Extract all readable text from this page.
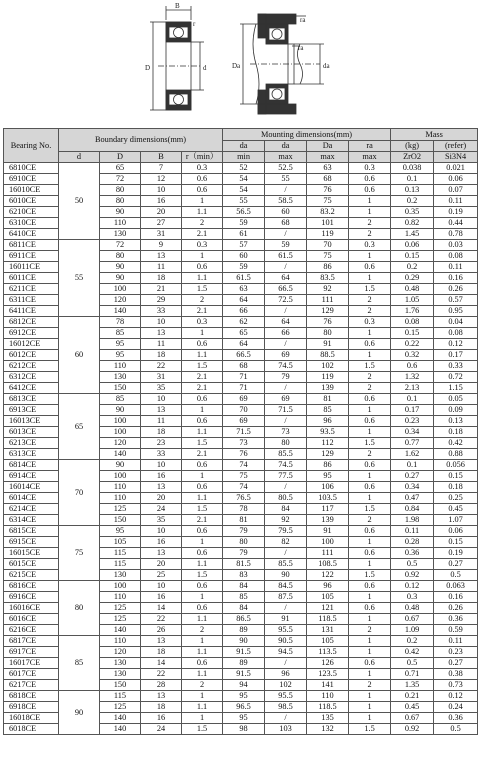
B
r
D	d
ra
ra
Da	da
Bearing No.	Boundary dimensions(mm)				Mounting dimensions(mm)				Mass	
					da	da	Da	ra	(kg)	(refer)
	d	D	B	r（min）	min	max	max	max	ZrO2	Si3N4
6810CE	50	65	7	0.3	52	52.5	63	0.3	0.038	0.021
6910CE		72	12	0.6	54	55	68	0.6	0.1	0.06
16010CE		80	10	0.6	54	/	76	0.6	0.13	0.07
6010CE		80	16	1	55	58.5	75	1	0.2	0.11
6210CE		90	20	1.1	56.5	60	83.2	1	0.35	0.19
6310CE		110	27	2	59	68	101	2	0.82	0.44
6410CE		130	31	2.1	61	/	119	2	1.45	0.78
6811CE	55	72	9	0.3	57	59	70	0.3	0.06	0.03
6911CE		80	13	1	60	61.5	75	1	0.15	0.08
16011CE		90	11	0.6	59	/	86	0.6	0.2	0.11
6011CE		90	18	1.1	61.5	64	83.5	1	0.29	0.16
6211CE		100	21	1.5	63	66.5	92	1.5	0.48	0.26
6311CE		120	29	2	64	72.5	111	2	1.05	0.57
6411CE		140	33	2.1	66	/	129	2	1.76	0.95
6812CE	60	78	10	0.3	62	64	76	0.3	0.08	0.04
6912CE		85	13	1	65	66	80	1	0.15	0.08
16012CE		95	11	0.6	64	/	91	0.6	0.22	0.12
6012CE		95	18	1.1	66.5	69	88.5	1	0.32	0.17
6212CE		110	22	1.5	68	74.5	102	1.5	0.6	0.33
6312CE		130	31	2.1	71	79	119	2	1.32	0.72
6412CE		150	35	2.1	71	/	139	2	2.13	1.15
6813CE	65	85	10	0.6	69	69	81	0.6	0.1	0.05
6913CE		90	13	1	70	71.5	85	1	0.17	0.09
16013CE		100	11	0.6	69	/	96	0.6	0.23	0.13
6013CE		100	18	1.1	71.5	73	93.5	1	0.34	0.18
6213CE		120	23	1.5	73	80	112	1.5	0.77	0.42
6313CE		140	33	2.1	76	85.5	129	2	1.62	0.88
6814CE	70	90	10	0.6	74	74.5	86	0.6	0.1	0.056
6914CE		100	16	1	75	77.5	95	1	0.27	0.15
16014CE		110	13	0.6	74	/	106	0.6	0.34	0.18
6014CE		110	20	1.1	76.5	80.5	103.5	1	0.47	0.25
6214CE		125	24	1.5	78	84	117	1.5	0.84	0.45
6314CE		150	35	2.1	81	92	139	2	1.98	1.07
6815CE	75	95	10	0.6	79	79.5	91	0.6	0.11	0.06
6915CE		105	16	1	80	82	100	1	0.28	0.15
16015CE		115	13	0.6	79	/	111	0.6	0.36	0.19
6015CE		115	20	1.1	81.5	85.5	108.5	1	0.5	0.27
6215CE		130	25	1.5	83	90	122	1.5	0.92	0.5
6816CE	80	100	10	0.6	84	84.5	96	0.6	0.12	0.063
6916CE		110	16	1	85	87.5	105	1	0.3	0.16
16016CE		125	14	0.6	84	/	121	0.6	0.48	0.26
6016CE		125	22	1.1	86.5	91	118.5	1	0.67	0.36
6216CE		140	26	2	89	95.5	131	2	1.09	0.59
6817CE	85	110	13	1	90	90.5	105	1	0.2	0.11
6917CE		120	18	1.1	91.5	94.5	113.5	1	0.42	0.23
16017CE		130	14	0.6	89	/	126	0.6	0.5	0.27
6017CE		130	22	1.1	91.5	96	123.5	1	0.71	0.38
6217CE		150	28	2	94	102	141	2	1.35	0.73
6818CE	90	115	13	1	95	95.5	110	1	0.21	0.12
6918CE		125	18	1.1	96.5	98.5	118.5	1	0.45	0.24
16018CE		140	16	1	95	/	135	1	0.67	0.36
6018CE		140	24	1.5	98	103	132	1.5	0.92	0.5
